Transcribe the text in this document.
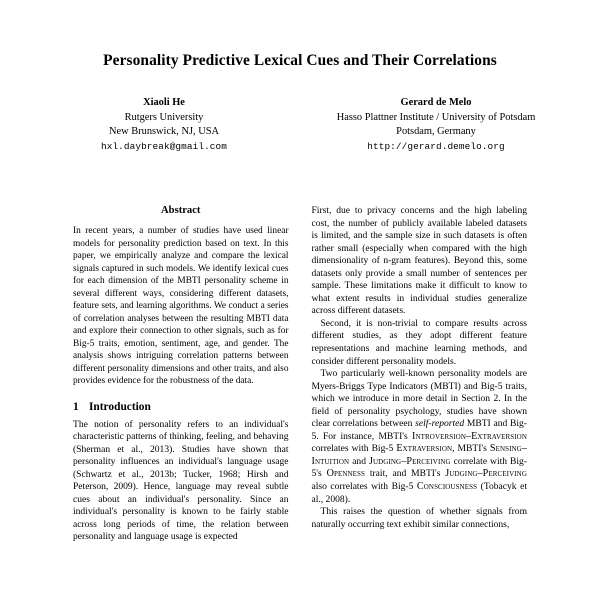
Personality Predictive Lexical Cues and Their Correlations
Xiaoli He
Rutgers University
New Brunswick, NJ, USA
hxl.daybreak@gmail.com
Gerard de Melo
Hasso Plattner Institute / University of Potsdam
Potsdam, Germany
http://gerard.demelo.org
Abstract

In recent years, a number of studies have used linear models for personality prediction based on text. In this paper, we empirically analyze and compare the lexical signals captured in such models. We identify lexical cues for each dimension of the MBTI personality scheme in several different ways, considering different datasets, feature sets, and learning algorithms. We conduct a series of correlation analyses between the resulting MBTI data and explore their connection to other signals, such as for Big-5 traits, emotion, sentiment, age, and gender. The analysis shows intriguing correlation patterns between different personality dimensions and other traits, and also provides evidence for the robustness of the data.

1 Introduction

The notion of personality refers to an individual's characteristic patterns of thinking, feeling, and behaving (Sherman et al., 2013). Studies have shown that personality influences an individual's language usage (Schwartz et al., 2013b; Tucker, 1968; Hirsh and Peterson, 2009). Hence, language may reveal subtle cues about an individual's personality. Since an individual's personality is known to be fairly stable across long periods of time, the relation between personality and language usage is expected

First, due to privacy concerns and the high labeling cost, the number of publicly available labeled datasets is limited, and the sample size in such datasets is often rather small (especially when compared with the high dimensionality of n-gram features). Beyond this, some datasets only provide a small number of sentences per sample. These limitations make it difficult to know to what extent results in individual studies generalize across different datasets.

Second, it is non-trivial to compare results across different studies, as they adopt different feature representations and machine learning methods, and consider different personality models.

Two particularly well-known personality models are Myers-Briggs Type Indicators (MBTI) and Big-5 traits, which we introduce in more detail in Section 2. In the field of personality psychology, studies have shown clear correlations between self-reported MBTI and Big-5. For instance, MBTI's Introversion–Extraversion correlates with Big-5 Extraversion, MBTI's Sensing–Intuition and Judging–Perceiving correlate with Big-5's Openness trait, and MBTI's Judging–Perceiving also correlates with Big-5 Consciousness (Tobacyk et al., 2008).

This raises the question of whether signals from naturally occurring text exhibit similar connections,
